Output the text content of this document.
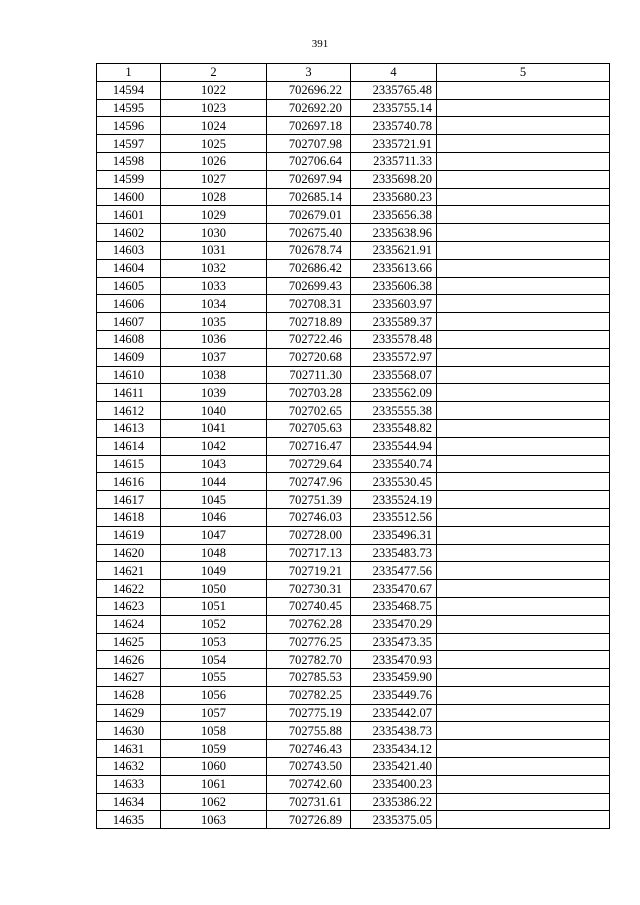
391
1	2	3	4	5
14594	1022	702696.22	2335765.48	
14595	1023	702692.20	2335755.14	
14596	1024	702697.18	2335740.78	
14597	1025	702707.98	2335721.91	
14598	1026	702706.64	2335711.33	
14599	1027	702697.94	2335698.20	
14600	1028	702685.14	2335680.23	
14601	1029	702679.01	2335656.38	
14602	1030	702675.40	2335638.96	
14603	1031	702678.74	2335621.91	
14604	1032	702686.42	2335613.66	
14605	1033	702699.43	2335606.38	
14606	1034	702708.31	2335603.97	
14607	1035	702718.89	2335589.37	
14608	1036	702722.46	2335578.48	
14609	1037	702720.68	2335572.97	
14610	1038	702711.30	2335568.07	
14611	1039	702703.28	2335562.09	
14612	1040	702702.65	2335555.38	
14613	1041	702705.63	2335548.82	
14614	1042	702716.47	2335544.94	
14615	1043	702729.64	2335540.74	
14616	1044	702747.96	2335530.45	
14617	1045	702751.39	2335524.19	
14618	1046	702746.03	2335512.56	
14619	1047	702728.00	2335496.31	
14620	1048	702717.13	2335483.73	
14621	1049	702719.21	2335477.56	
14622	1050	702730.31	2335470.67	
14623	1051	702740.45	2335468.75	
14624	1052	702762.28	2335470.29	
14625	1053	702776.25	2335473.35	
14626	1054	702782.70	2335470.93	
14627	1055	702785.53	2335459.90	
14628	1056	702782.25	2335449.76	
14629	1057	702775.19	2335442.07	
14630	1058	702755.88	2335438.73	
14631	1059	702746.43	2335434.12	
14632	1060	702743.50	2335421.40	
14633	1061	702742.60	2335400.23	
14634	1062	702731.61	2335386.22	
14635	1063	702726.89	2335375.05	
